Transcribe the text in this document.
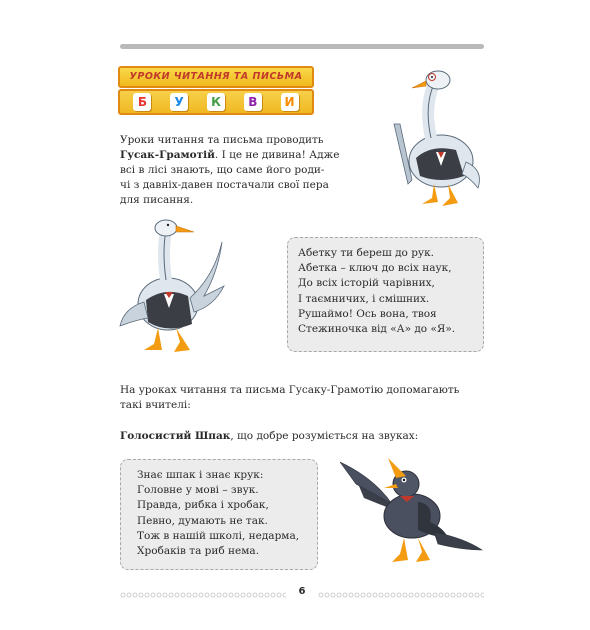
УРОКИ ЧИТАННЯ ТА ПИСЬМА
Б	У	К	В	И
Уроки читання та письма проводить
Гусак-Грамотій. І це не дивина! Адже
всі в лісі знають, що саме його роди-
чі з давніх-давен постачали свої пера
для писання.
Абетку ти береш до рук.
Абетка – ключ до всіх наук,
До всіх історій чарівних,
І таємничих, і смішних.
Рушаймо! Ось вона, твоя
Стежиночка від «А» до «Я».
На уроках читання та письма Гусаку-Грамотію допомагають
такі вчителі:
Голосистий Шпак, що добре розуміється на звуках:
Знає шпак і знає крук:
Головне у мові – звук.
Правда, рибка і хробак,
Певно, думають не так.
Тож в нашій школі, недарма,
Хробаків та риб нема.
6
